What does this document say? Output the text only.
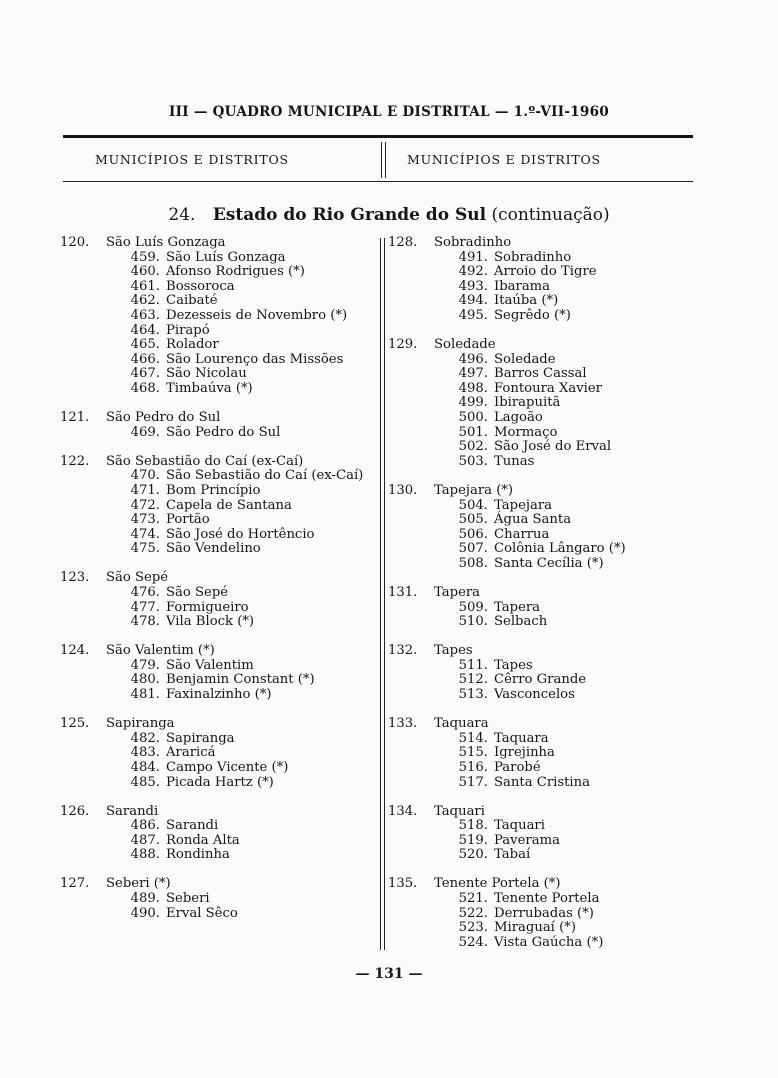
III — QUADRO MUNICIPAL E DISTRITAL — 1.º-VII-1960
MUNICÍPIOS E DISTRITOS	MUNICÍPIOS E DISTRITOS
24. Estado do Rio Grande do Sul (continuação)
120.	São Luís Gonzaga
459. São Luís Gonzaga
460. Afonso Rodrigues (*)
461. Bossoroca
462. Caibaté
463. Dezesseis de Novembro (*)
464. Pirapó
465. Rolador
466. São Lourenço das Missões
467. São Nicolau
468. Timbaúva (*)
121.	São Pedro do Sul
469. São Pedro do Sul
122.	São Sebastião do Caí (ex-Caí)
470. São Sebastião do Caí (ex-Caí)
471. Bom Princípio
472. Capela de Santana
473. Portão
474. São José do Hortêncio
475. São Vendelino
123.	São Sepé
476. São Sepé
477. Formigueiro
478. Vila Block (*)
124.	São Valentim (*)
479. São Valentim
480. Benjamin Constant (*)
481. Faxinalzinho (*)
125.	Sapiranga
482. Sapiranga
483. Araricá
484. Campo Vicente (*)
485. Picada Hartz (*)
126.	Sarandi
486. Sarandi
487. Ronda Alta
488. Rondinha
127.	Seberi (*)
489. Seberi
490. Erval Sêco
128.	Sobradinho
491. Sobradinho
492. Arroio do Tigre
493. Ibarama
494. Itaúba (*)
495. Segrêdo (*)
129.	Soledade
496. Soledade
497. Barros Cassal
498. Fontoura Xavier
499. Ibirapuitã
500. Lagoão
501. Mormaço
502. São José do Erval
503. Tunas
130.	Tapejara (*)
504. Tapejara
505. Água Santa
506. Charrua
507. Colônia Lângaro (*)
508. Santa Cecília (*)
131.	Tapera
509. Tapera
510. Selbach
132.	Tapes
511. Tapes
512. Cêrro Grande
513. Vasconcelos
133.	Taquara
514. Taquara
515. Igrejinha
516. Parobé
517. Santa Cristina
134.	Taquari
518. Taquari
519. Paverama
520. Tabaí
135.	Tenente Portela (*)
521. Tenente Portela
522. Derrubadas (*)
523. Miraguaí (*)
524. Vista Gaúcha (*)
— 131 —
